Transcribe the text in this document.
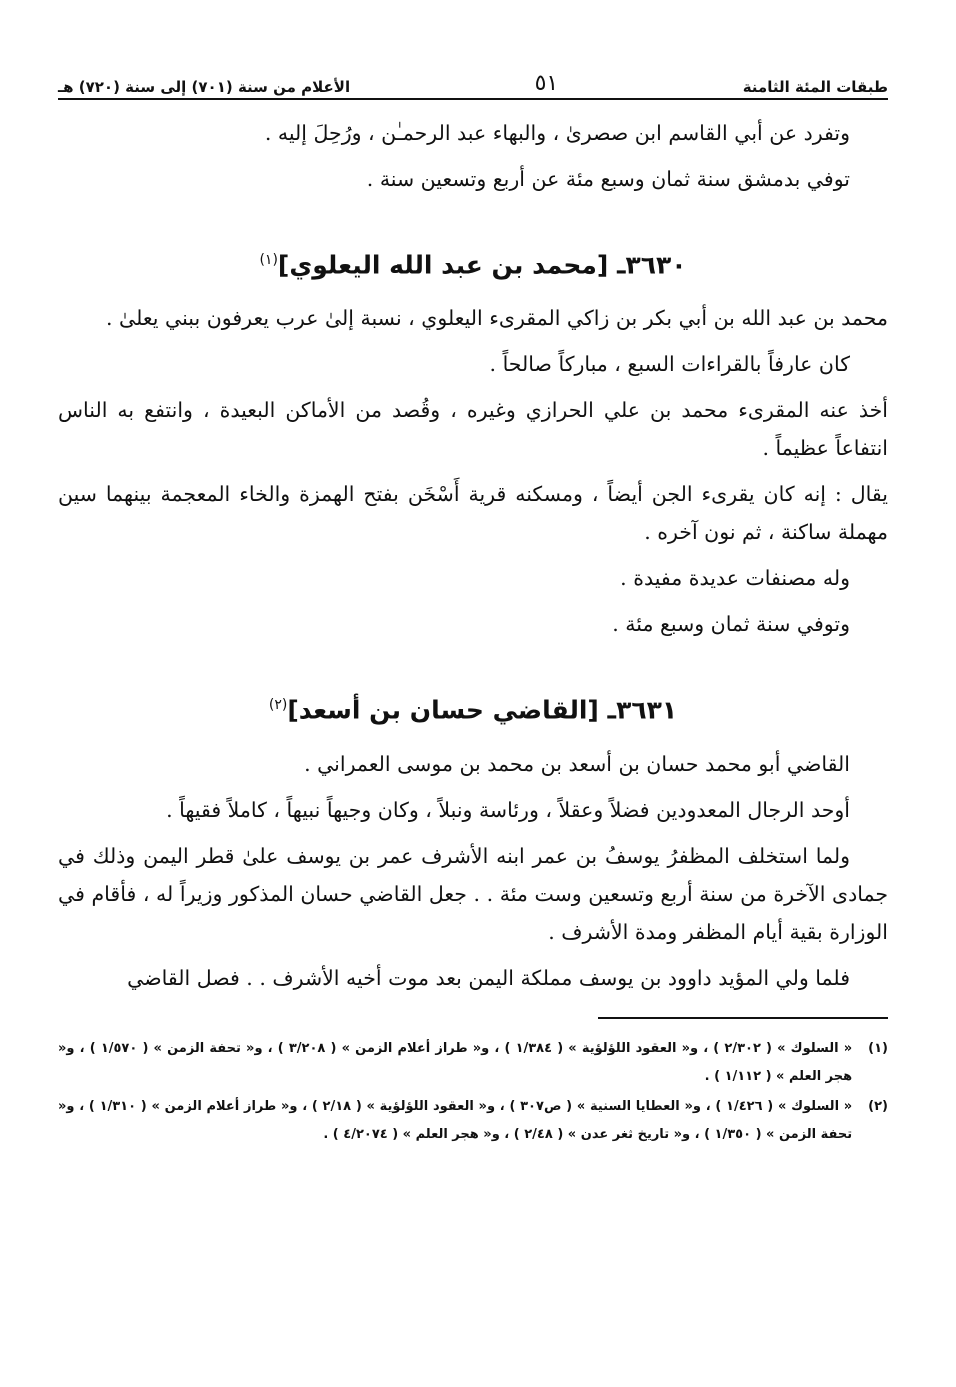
طبقات المئة الثامنة
٥١
الأعلام من سنة (٧٠١) إلى سنة (٧٢٠) هـ

وتفرد عن أبي القاسم ابن صصرىٰ ، والبهاء عبد الرحمـٰن ، ورُحِلَ إليه .

توفي بدمشق سنة ثمان وسبع مئة عن أربع وتسعين سنة .

٣٦٣٠ـ [محمد بن عبد الله اليعلوي]$^{(١)}$

محمد بن عبد الله بن أبي بكر بن زاكي المقرىء اليعلوي ، نسبة إلىٰ عرب يعرفون ببني يعلىٰ .

كان عارفاً بالقراءات السبع ، مباركاً صالحاً .

أخذ عنه المقرىء محمد بن علي الحرازي وغيره ، وقُصد من الأماكن البعيدة ، وانتفع به الناس انتفاعاً عظيماً .

يقال : إنه كان يقرىء الجن أيضاً ، ومسكنه قرية أَسْخَن بفتح الهمزة والخاء المعجمة بينهما سين مهملة ساكنة ، ثم نون آخره .

وله مصنفات عديدة مفيدة .

وتوفي سنة ثمان وسبع مئة .

٣٦٣١ـ [القاضي حسان بن أسعد]$^{(٢)}$

القاضي أبو محمد حسان بن أسعد بن محمد بن موسى العمراني .

أوحد الرجال المعدودين فضلاً وعقلاً ، ورئاسة ونبلاً ، وكان وجيهاً نبيهاً ، كاملاً فقيهاً .

ولما استخلف المظفرُ يوسفُ بن عمر ابنه الأشرف عمر بن يوسف علىٰ قطر اليمن وذلك في جمادى الآخرة من سنة أربع وتسعين وست مئة . . جعل القاضي حسان المذكور وزيراً له ، فأقام في الوزارة بقية أيام المظفر ومدة الأشرف .

فلما ولي المؤيد داوود بن يوسف مملكة اليمن بعد موت أخيه الأشرف . . فصل القاضي

(١)
« السلوك » ( ٢/٣٠٢ ) ، و« العقود اللؤلؤية » ( ١/٣٨٤ ) ، و« طراز أعلام الزمن » ( ٣/٢٠٨ ) ، و« تحفة الزمن » ( ١/٥٧٠ ) ، و« هجر العلم » ( ١/١١٢ ) .
(٢)
« السلوك » ( ١/٤٢٦ ) ، و« العطايا السنية » ( ص٣٠٧ ) ، و« العقود اللؤلؤية » ( ٢/١٨ ) ، و« طراز أعلام الزمن » ( ١/٣١٠ ) ، و« تحفة الزمن » ( ١/٣٥٠ ) ، و« تاريخ ثغر عدن » ( ٢/٤٨ ) ، و« هجر العلم » ( ٤/٢٠٧٤ ) .
